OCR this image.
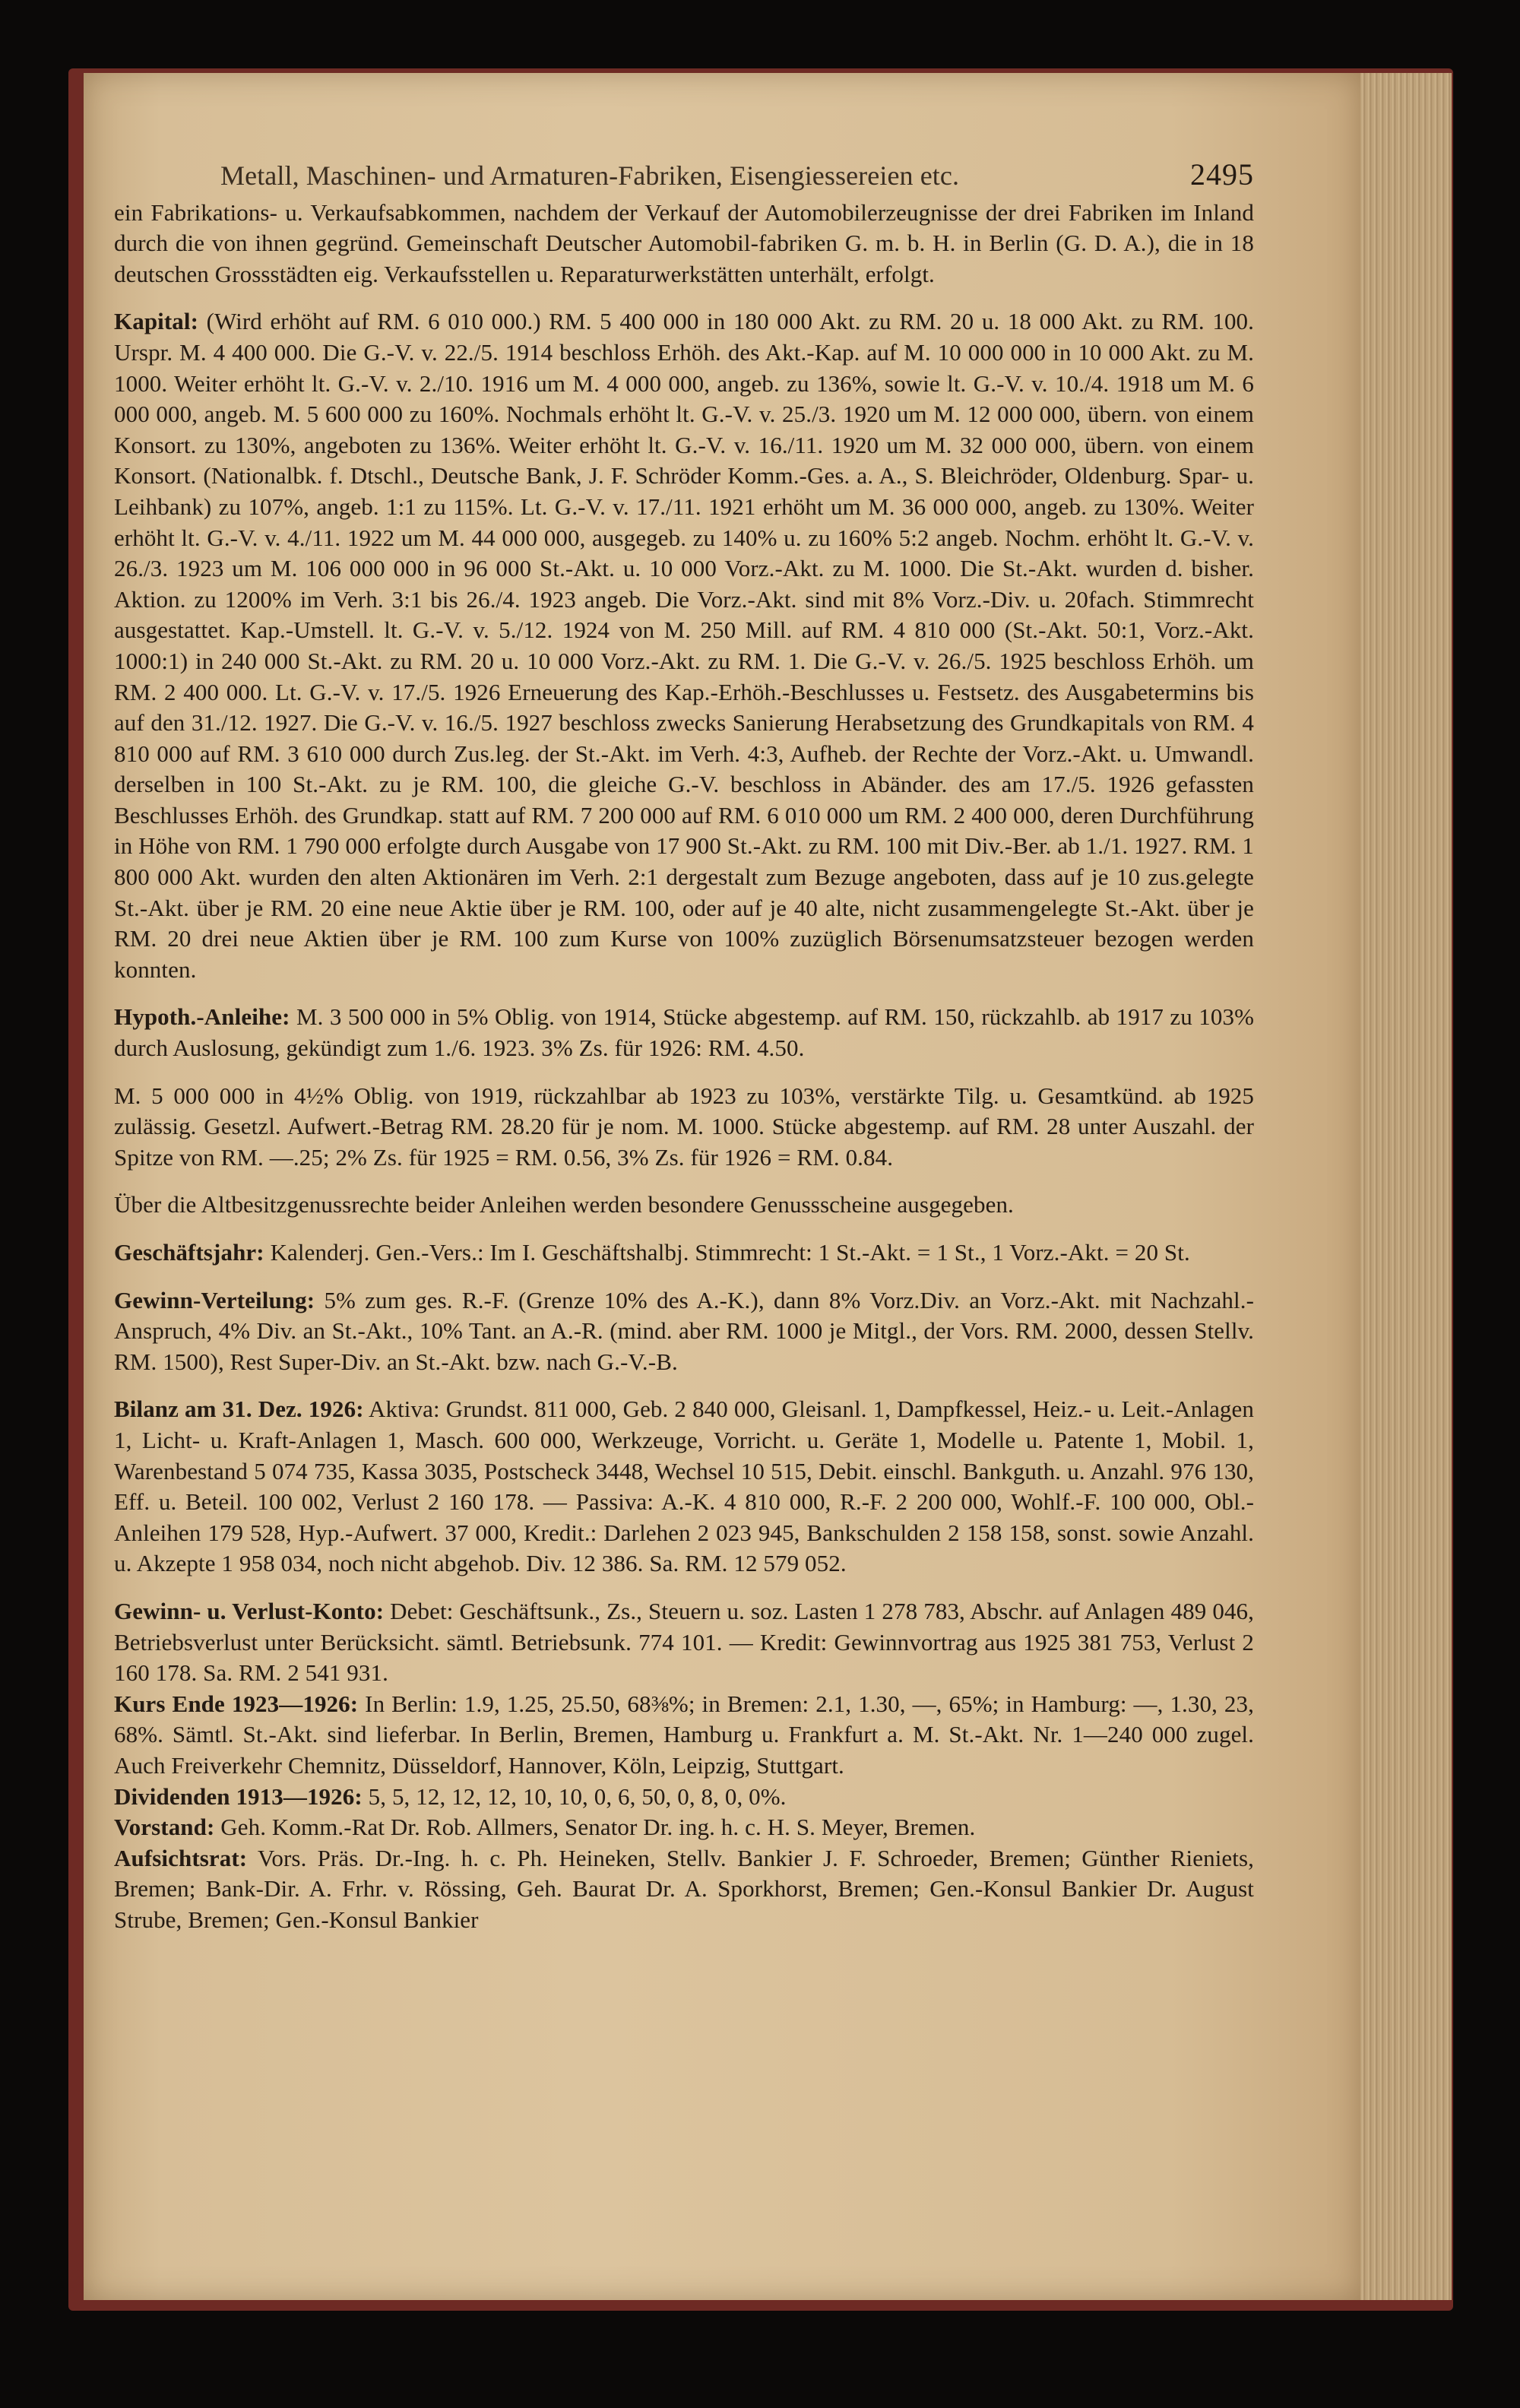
Metall, Maschinen- und Armaturen-Fabriken, Eisengiessereien etc.	2495

ein Fabrikations- u. Verkaufsabkommen, nachdem der Verkauf der Automobilerzeugnisse der drei Fabriken im Inland durch die von ihnen gegründ. Gemeinschaft Deutscher Automobil-fabriken G. m. b. H. in Berlin (G. D. A.), die in 18 deutschen Grossstädten eig. Verkaufsstellen u. Reparaturwerkstätten unterhält, erfolgt.

Kapital: (Wird erhöht auf RM. 6 010 000.) RM. 5 400 000 in 180 000 Akt. zu RM. 20 u. 18 000 Akt. zu RM. 100. Urspr. M. 4 400 000. Die G.-V. v. 22./5. 1914 beschloss Erhöh. des Akt.-Kap. auf M. 10 000 000 in 10 000 Akt. zu M. 1000. Weiter erhöht lt. G.-V. v. 2./10. 1916 um M. 4 000 000, angeb. zu 136%, sowie lt. G.-V. v. 10./4. 1918 um M. 6 000 000, angeb. M. 5 600 000 zu 160%. Nochmals erhöht lt. G.-V. v. 25./3. 1920 um M. 12 000 000, übern. von einem Konsort. zu 130%, angeboten zu 136%. Weiter erhöht lt. G.-V. v. 16./11. 1920 um M. 32 000 000, übern. von einem Konsort. (Nationalbk. f. Dtschl., Deutsche Bank, J. F. Schröder Komm.-Ges. a. A., S. Bleichröder, Oldenburg. Spar- u. Leihbank) zu 107%, angeb. 1:1 zu 115%. Lt. G.-V. v. 17./11. 1921 erhöht um M. 36 000 000, angeb. zu 130%. Weiter erhöht lt. G.-V. v. 4./11. 1922 um M. 44 000 000, ausgegeb. zu 140% u. zu 160% 5:2 angeb. Nochm. erhöht lt. G.-V. v. 26./3. 1923 um M. 106 000 000 in 96 000 St.-Akt. u. 10 000 Vorz.-Akt. zu M. 1000. Die St.-Akt. wurden d. bisher. Aktion. zu 1200% im Verh. 3:1 bis 26./4. 1923 angeb. Die Vorz.-Akt. sind mit 8% Vorz.-Div. u. 20fach. Stimmrecht ausgestattet. Kap.-Umstell. lt. G.-V. v. 5./12. 1924 von M. 250 Mill. auf RM. 4 810 000 (St.-Akt. 50:1, Vorz.-Akt. 1000:1) in 240 000 St.-Akt. zu RM. 20 u. 10 000 Vorz.-Akt. zu RM. 1. Die G.-V. v. 26./5. 1925 beschloss Erhöh. um RM. 2 400 000. Lt. G.-V. v. 17./5. 1926 Erneuerung des Kap.-Erhöh.-Beschlusses u. Festsetz. des Ausgabetermins bis auf den 31./12. 1927. Die G.-V. v. 16./5. 1927 beschloss zwecks Sanierung Herabsetzung des Grundkapitals von RM. 4 810 000 auf RM. 3 610 000 durch Zus.leg. der St.-Akt. im Verh. 4:3, Aufheb. der Rechte der Vorz.-Akt. u. Umwandl. derselben in 100 St.-Akt. zu je RM. 100, die gleiche G.-V. beschloss in Abänder. des am 17./5. 1926 gefassten Beschlusses Erhöh. des Grundkap. statt auf RM. 7 200 000 auf RM. 6 010 000 um RM. 2 400 000, deren Durchführung in Höhe von RM. 1 790 000 erfolgte durch Ausgabe von 17 900 St.-Akt. zu RM. 100 mit Div.-Ber. ab 1./1. 1927. RM. 1 800 000 Akt. wurden den alten Aktionären im Verh. 2:1 dergestalt zum Bezuge angeboten, dass auf je 10 zus.gelegte St.-Akt. über je RM. 20 eine neue Aktie über je RM. 100, oder auf je 40 alte, nicht zusammengelegte St.-Akt. über je RM. 20 drei neue Aktien über je RM. 100 zum Kurse von 100% zuzüglich Börsenumsatzsteuer bezogen werden konnten.

Hypoth.-Anleihe: M. 3 500 000 in 5% Oblig. von 1914, Stücke abgestemp. auf RM. 150, rückzahlb. ab 1917 zu 103% durch Auslosung, gekündigt zum 1./6. 1923. 3% Zs. für 1926: RM. 4.50.

M. 5 000 000 in 4½% Oblig. von 1919, rückzahlbar ab 1923 zu 103%, verstärkte Tilg. u. Gesamtkünd. ab 1925 zulässig. Gesetzl. Aufwert.-Betrag RM. 28.20 für je nom. M. 1000. Stücke abgestemp. auf RM. 28 unter Auszahl. der Spitze von RM. —.25; 2% Zs. für 1925 = RM. 0.56, 3% Zs. für 1926 = RM. 0.84.

Über die Altbesitzgenussrechte beider Anleihen werden besondere Genussscheine ausgegeben.

Geschäftsjahr: Kalenderj. Gen.-Vers.: Im I. Geschäftshalbj. Stimmrecht: 1 St.-Akt. = 1 St., 1 Vorz.-Akt. = 20 St.

Gewinn-Verteilung: 5% zum ges. R.-F. (Grenze 10% des A.-K.), dann 8% Vorz.Div. an Vorz.-Akt. mit Nachzahl.-Anspruch, 4% Div. an St.-Akt., 10% Tant. an A.-R. (mind. aber RM. 1000 je Mitgl., der Vors. RM. 2000, dessen Stellv. RM. 1500), Rest Super-Div. an St.-Akt. bzw. nach G.-V.-B.

Bilanz am 31. Dez. 1926: Aktiva: Grundst. 811 000, Geb. 2 840 000, Gleisanl. 1, Dampfkessel, Heiz.- u. Leit.-Anlagen 1, Licht- u. Kraft-Anlagen 1, Masch. 600 000, Werkzeuge, Vorricht. u. Geräte 1, Modelle u. Patente 1, Mobil. 1, Warenbestand 5 074 735, Kassa 3035, Postscheck 3448, Wechsel 10 515, Debit. einschl. Bankguth. u. Anzahl. 976 130, Eff. u. Beteil. 100 002, Verlust 2 160 178. — Passiva: A.-K. 4 810 000, R.-F. 2 200 000, Wohlf.-F. 100 000, Obl.-Anleihen 179 528, Hyp.-Aufwert. 37 000, Kredit.: Darlehen 2 023 945, Bankschulden 2 158 158, sonst. sowie Anzahl. u. Akzepte 1 958 034, noch nicht abgehob. Div. 12 386. Sa. RM. 12 579 052.

Gewinn- u. Verlust-Konto: Debet: Geschäftsunk., Zs., Steuern u. soz. Lasten 1 278 783, Abschr. auf Anlagen 489 046, Betriebsverlust unter Berücksicht. sämtl. Betriebsunk. 774 101. — Kredit: Gewinnvortrag aus 1925 381 753, Verlust 2 160 178. Sa. RM. 2 541 931.

Kurs Ende 1923—1926: In Berlin: 1.9, 1.25, 25.50, 68⅜%; in Bremen: 2.1, 1.30, —, 65%; in Hamburg: —, 1.30, 23, 68%. Sämtl. St.-Akt. sind lieferbar. In Berlin, Bremen, Hamburg u. Frankfurt a. M. St.-Akt. Nr. 1—240 000 zugel. Auch Freiverkehr Chemnitz, Düsseldorf, Hannover, Köln, Leipzig, Stuttgart.

Dividenden 1913—1926: 5, 5, 12, 12, 12, 10, 10, 0, 6, 50, 0, 8, 0, 0%.

Vorstand: Geh. Komm.-Rat Dr. Rob. Allmers, Senator Dr. ing. h. c. H. S. Meyer, Bremen.

Aufsichtsrat: Vors. Präs. Dr.-Ing. h. c. Ph. Heineken, Stellv. Bankier J. F. Schroeder, Bremen; Günther Rieniets, Bremen; Bank-Dir. A. Frhr. v. Rössing, Geh. Baurat Dr. A. Sporkhorst, Bremen; Gen.-Konsul Bankier Dr. August Strube, Bremen; Gen.-Konsul Bankier
